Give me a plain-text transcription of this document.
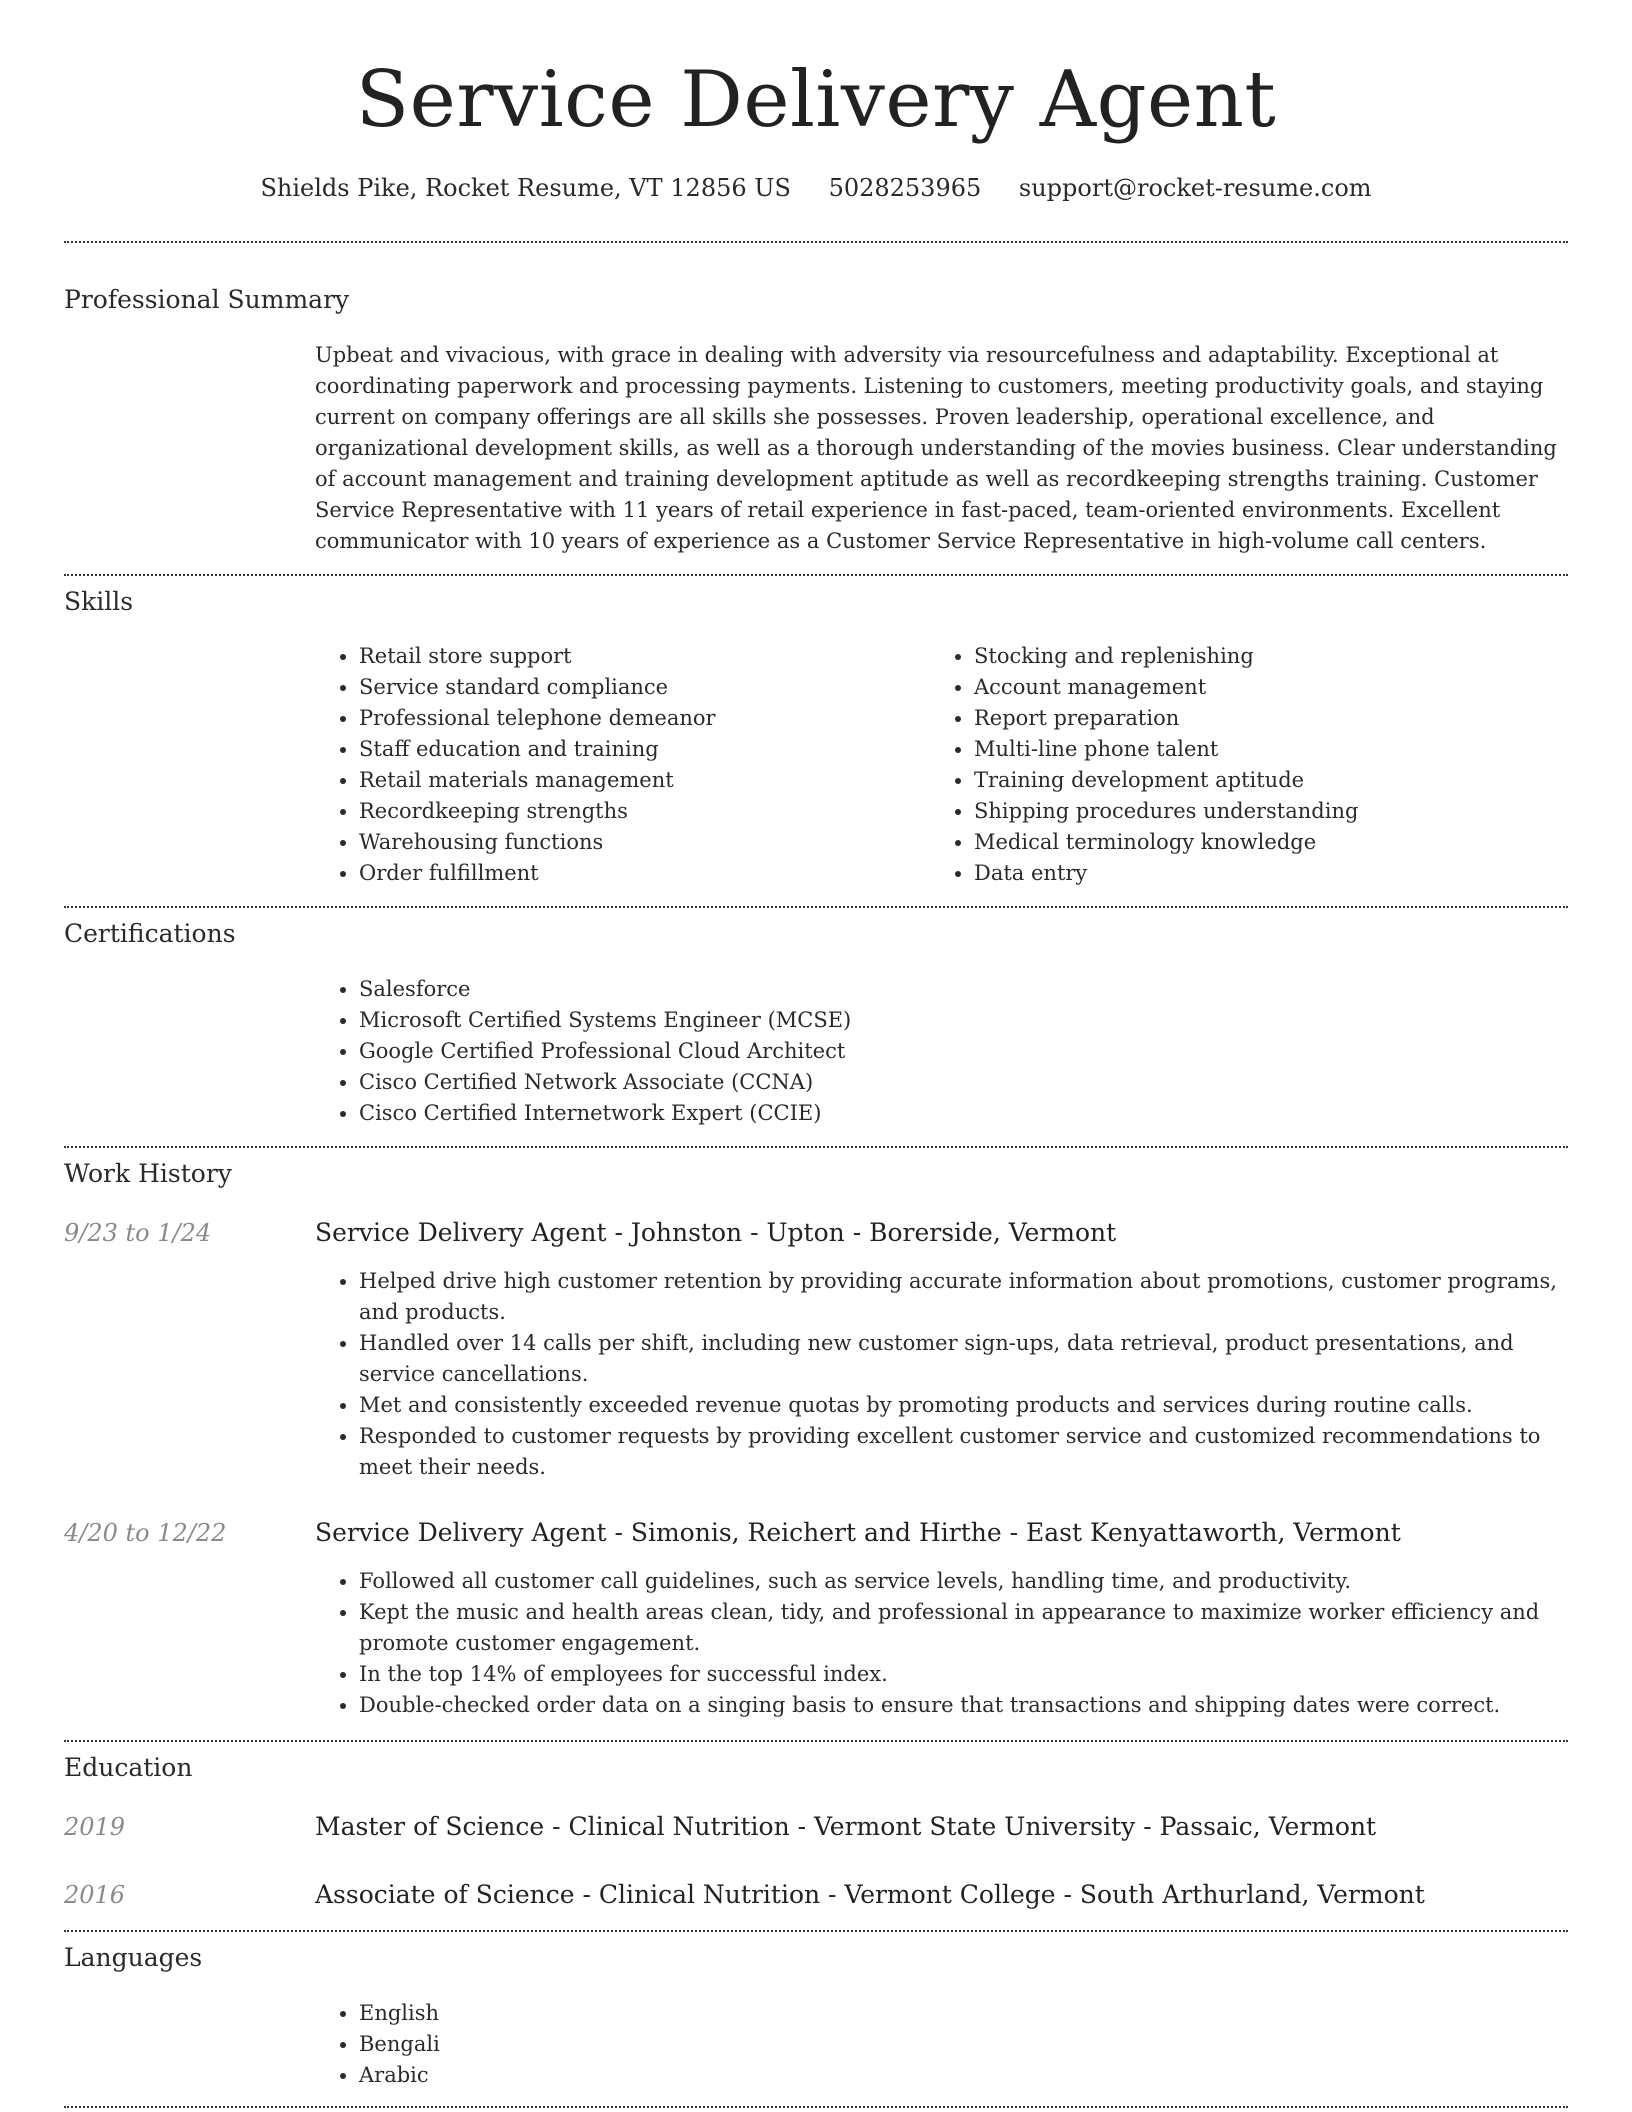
Service Delivery Agent
Shields Pike, Rocket Resume, VT 12856 US 5028253965 support@rocket-resume.com
Professional Summary

Upbeat and vivacious, with grace in dealing with adversity via resourcefulness and adaptability. Exceptional at coordinating paperwork and processing payments. Listening to customers, meeting productivity goals, and staying current on company offerings are all skills she possesses. Proven leadership, operational excellence, and organizational development skills, as well as a thorough understanding of the movies business. Clear understanding of account management and training development aptitude as well as recordkeeping strengths training. Customer Service Representative with 11 years of retail experience in fast-paced, team-oriented environments. Excellent communicator with 10 years of experience as a Customer Service Representative in high-volume call centers.

Skills
• Retail store support
• Service standard compliance
• Professional telephone demeanor
• Staff education and training
• Retail materials management
• Recordkeeping strengths
• Warehousing functions
• Order fulfillment
• Stocking and replenishing
• Account management
• Report preparation
• Multi-line phone talent
• Training development aptitude
• Shipping procedures understanding
• Medical terminology knowledge
• Data entry
Certifications
• Salesforce
• Microsoft Certified Systems Engineer (MCSE)
• Google Certified Professional Cloud Architect
• Cisco Certified Network Associate (CCNA)
• Cisco Certified Internetwork Expert (CCIE)
Work History
9/23 to 1/24	Service Delivery Agent - Johnston - Upton - Borerside, Vermont
• Helped drive high customer retention by providing accurate information about promotions, customer programs, and products.
• Handled over 14 calls per shift, including new customer sign-ups, data retrieval, product presentations, and service cancellations.
• Met and consistently exceeded revenue quotas by promoting products and services during routine calls.
• Responded to customer requests by providing excellent customer service and customized recommendations to meet their needs.
4/20 to 12/22	Service Delivery Agent - Simonis, Reichert and Hirthe - East Kenyattaworth, Vermont
• Followed all customer call guidelines, such as service levels, handling time, and productivity.
• Kept the music and health areas clean, tidy, and professional in appearance to maximize worker efficiency and promote customer engagement.
• In the top 14% of employees for successful index.
• Double-checked order data on a singing basis to ensure that transactions and shipping dates were correct.
Education
2019	Master of Science - Clinical Nutrition - Vermont State University - Passaic, Vermont
2016	Associate of Science - Clinical Nutrition - Vermont College - South Arthurland, Vermont
Languages
• English
• Bengali
• Arabic
